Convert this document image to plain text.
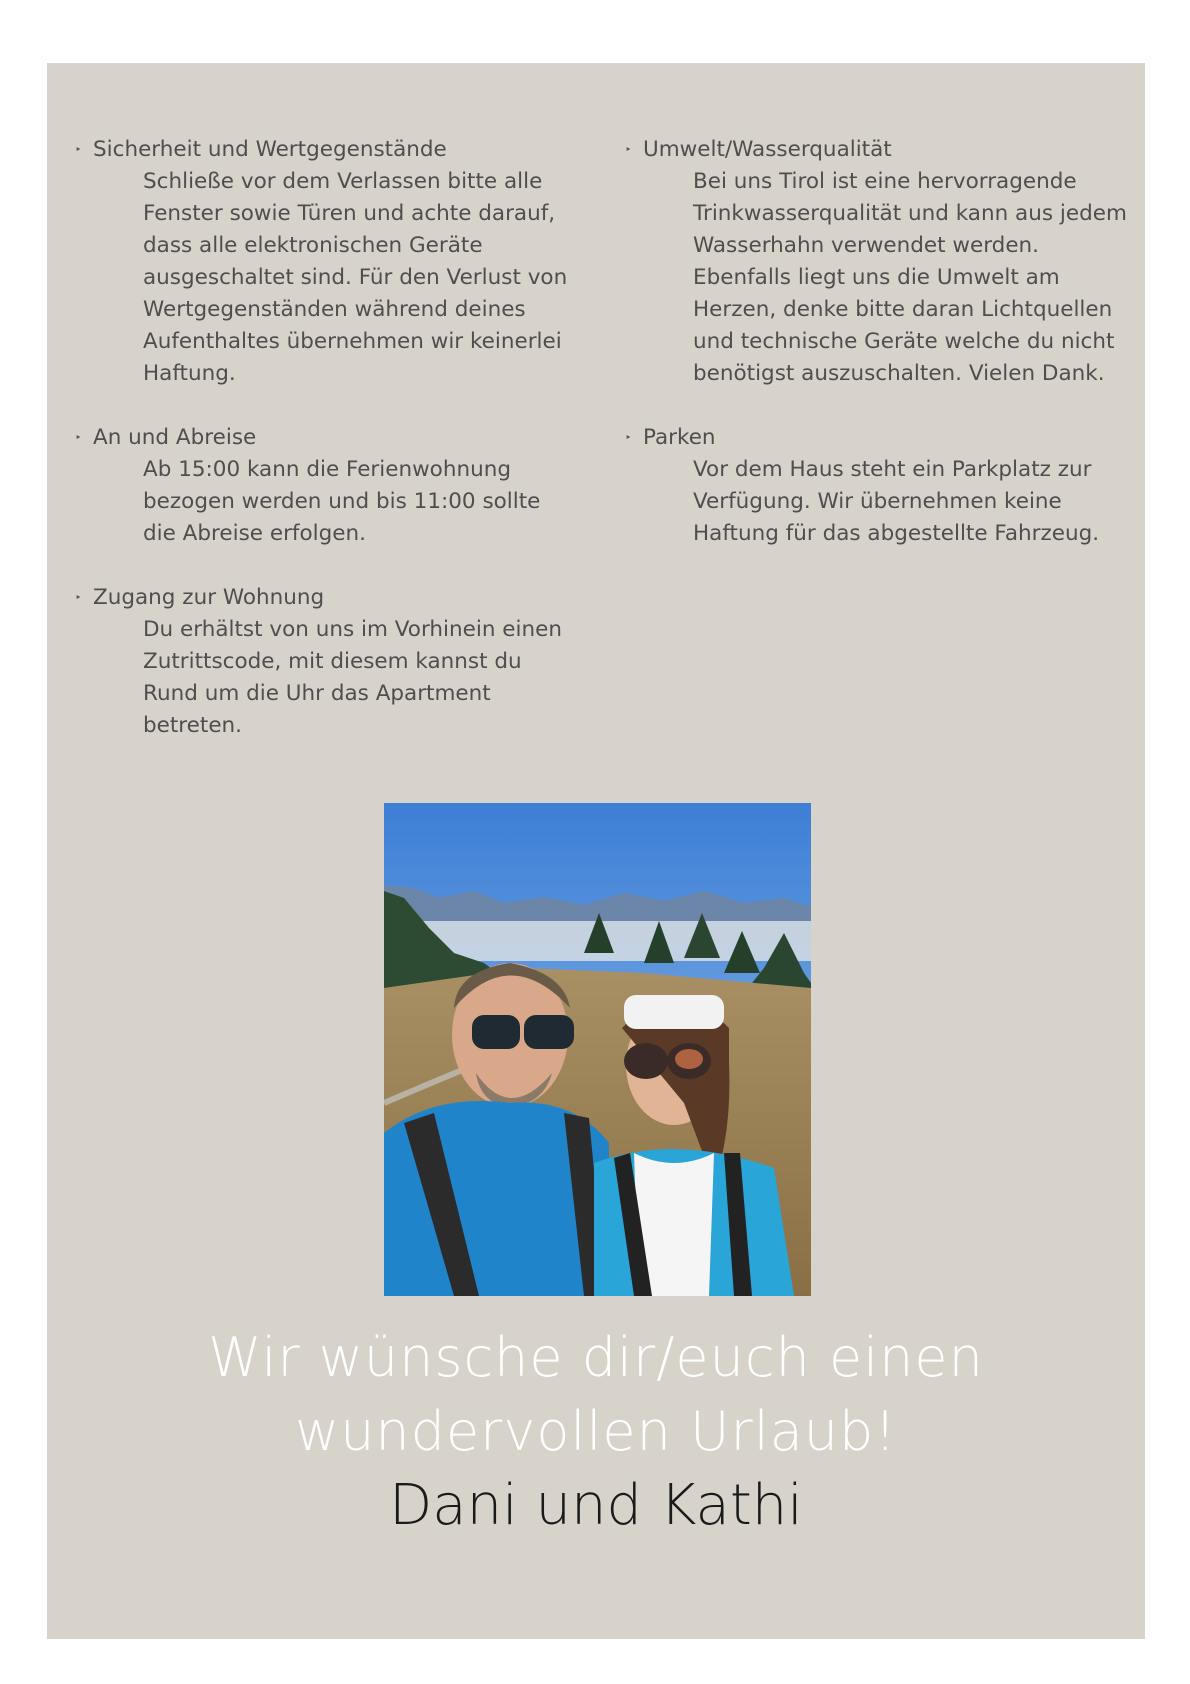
‣ Sicherheit und Wertgegenstände
Schließe vor dem Verlassen bitte alle
Fenster sowie Türen und achte darauf,
dass alle elektronischen Geräte
ausgeschaltet sind. Für den Verlust von
Wertgegenständen während deines
Aufenthaltes übernehmen wir keinerlei
Haftung.
‣ An und Abreise
Ab 15:00 kann die Ferienwohnung
bezogen werden und bis 11:00 sollte
die Abreise erfolgen.
‣ Zugang zur Wohnung
Du erhältst von uns im Vorhinein einen
Zutrittscode, mit diesem kannst du
Rund um die Uhr das Apartment
betreten.
‣ Umwelt/Wasserqualität
Bei uns Tirol ist eine hervorragende
Trinkwasserqualität und kann aus jedem
Wasserhahn verwendet werden.
Ebenfalls liegt uns die Umwelt am
Herzen, denke bitte daran Lichtquellen
und technische Geräte welche du nicht
benötigst auszuschalten. Vielen Dank.
‣ Parken
Vor dem Haus steht ein Parkplatz zur
Verfügung. Wir übernehmen keine
Haftung für das abgestellte Fahrzeug.
Wir wünsche dir/euch einen
wundervollen Urlaub!
Dani und Kathi
